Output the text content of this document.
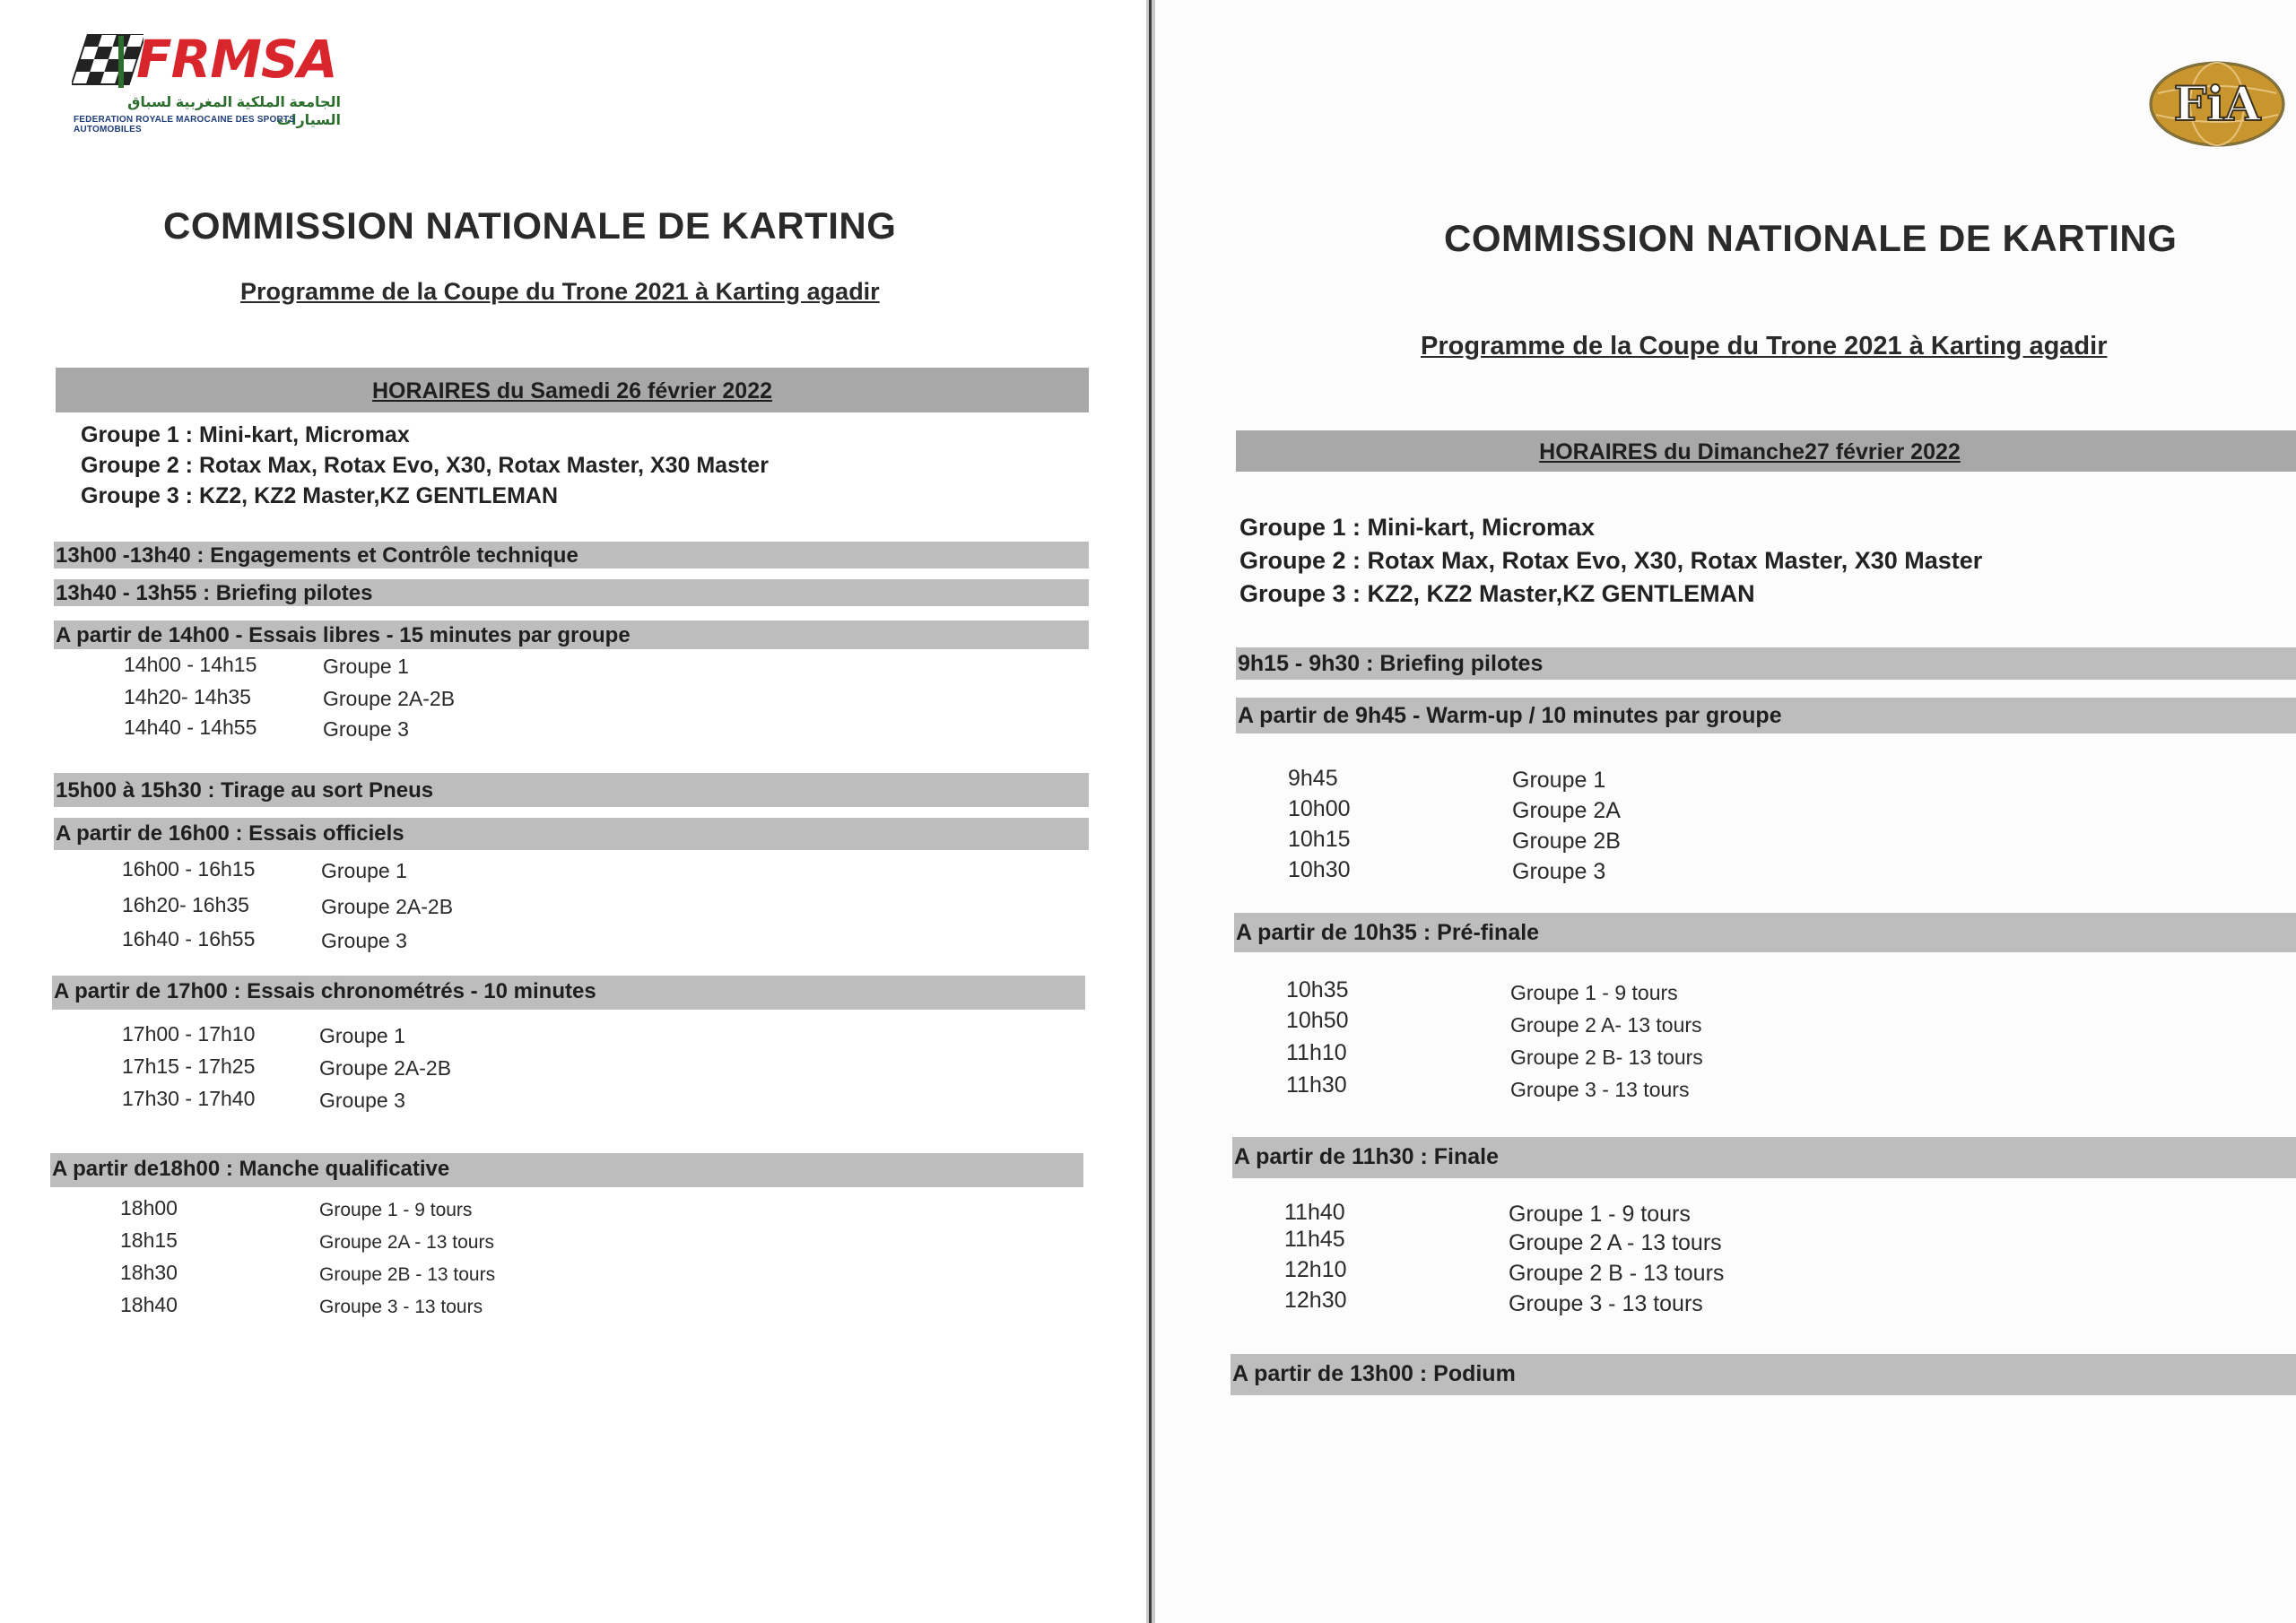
FRMSA
الجامعة الملكية المغربية لسباق السيارات
FEDERATION ROYALE MAROCAINE DES SPORTS AUTOMOBILES
COMMISSION NATIONALE DE KARTING
Programme de la Coupe du Trone 2021 à Karting agadir
HORAIRES du Samedi 26 février 2022
Groupe 1 : Mini-kart, Micromax
Groupe 2 : Rotax Max, Rotax Evo, X30, Rotax Master, X30 Master
Groupe 3 : KZ2, KZ2 Master,KZ GENTLEMAN
13h00 -13h40 : Engagements et Contrôle technique
13h40 - 13h55 : Briefing pilotes
A partir de 14h00 - Essais libres - 15 minutes par groupe
14h00 - 14h15	Groupe 1
14h20- 14h35	Groupe 2A-2B
14h40 - 14h55	Groupe 3
15h00 à 15h30 : Tirage au sort Pneus
A partir de 16h00 : Essais officiels
16h00 - 16h15	Groupe 1
16h20- 16h35	Groupe 2A-2B
16h40 - 16h55	Groupe 3
A partir de 17h00 : Essais chronométrés - 10 minutes
17h00 - 17h10	Groupe 1
17h15 - 17h25	Groupe 2A-2B
17h30 - 17h40	Groupe 3
A partir de18h00 : Manche qualificative
18h00	Groupe 1 - 9 tours
18h15	Groupe 2A - 13 tours
18h30	Groupe 2B - 13 tours
18h40	Groupe 3 - 13 tours
FiA
COMMISSION NATIONALE DE KARTING
Programme de la Coupe du Trone 2021 à Karting agadir
HORAIRES du Dimanche27 février 2022
Groupe 1 : Mini-kart, Micromax
Groupe 2 : Rotax Max, Rotax Evo, X30, Rotax Master, X30 Master
Groupe 3 : KZ2, KZ2 Master,KZ GENTLEMAN
9h15 - 9h30 : Briefing pilotes
A partir de 9h45 - Warm-up / 10 minutes par groupe
9h45	Groupe 1
10h00	Groupe 2A
10h15	Groupe 2B
10h30	Groupe 3
A partir de 10h35 : Pré-finale
10h35	Groupe 1 - 9 tours
10h50	Groupe 2 A- 13 tours
11h10	Groupe 2 B- 13 tours
11h30	Groupe 3 - 13 tours
A partir de 11h30 : Finale
11h40	Groupe 1 - 9 tours
11h45	Groupe 2 A - 13 tours
12h10	Groupe 2 B - 13 tours
12h30	Groupe 3 - 13 tours
A partir de 13h00 : Podium
